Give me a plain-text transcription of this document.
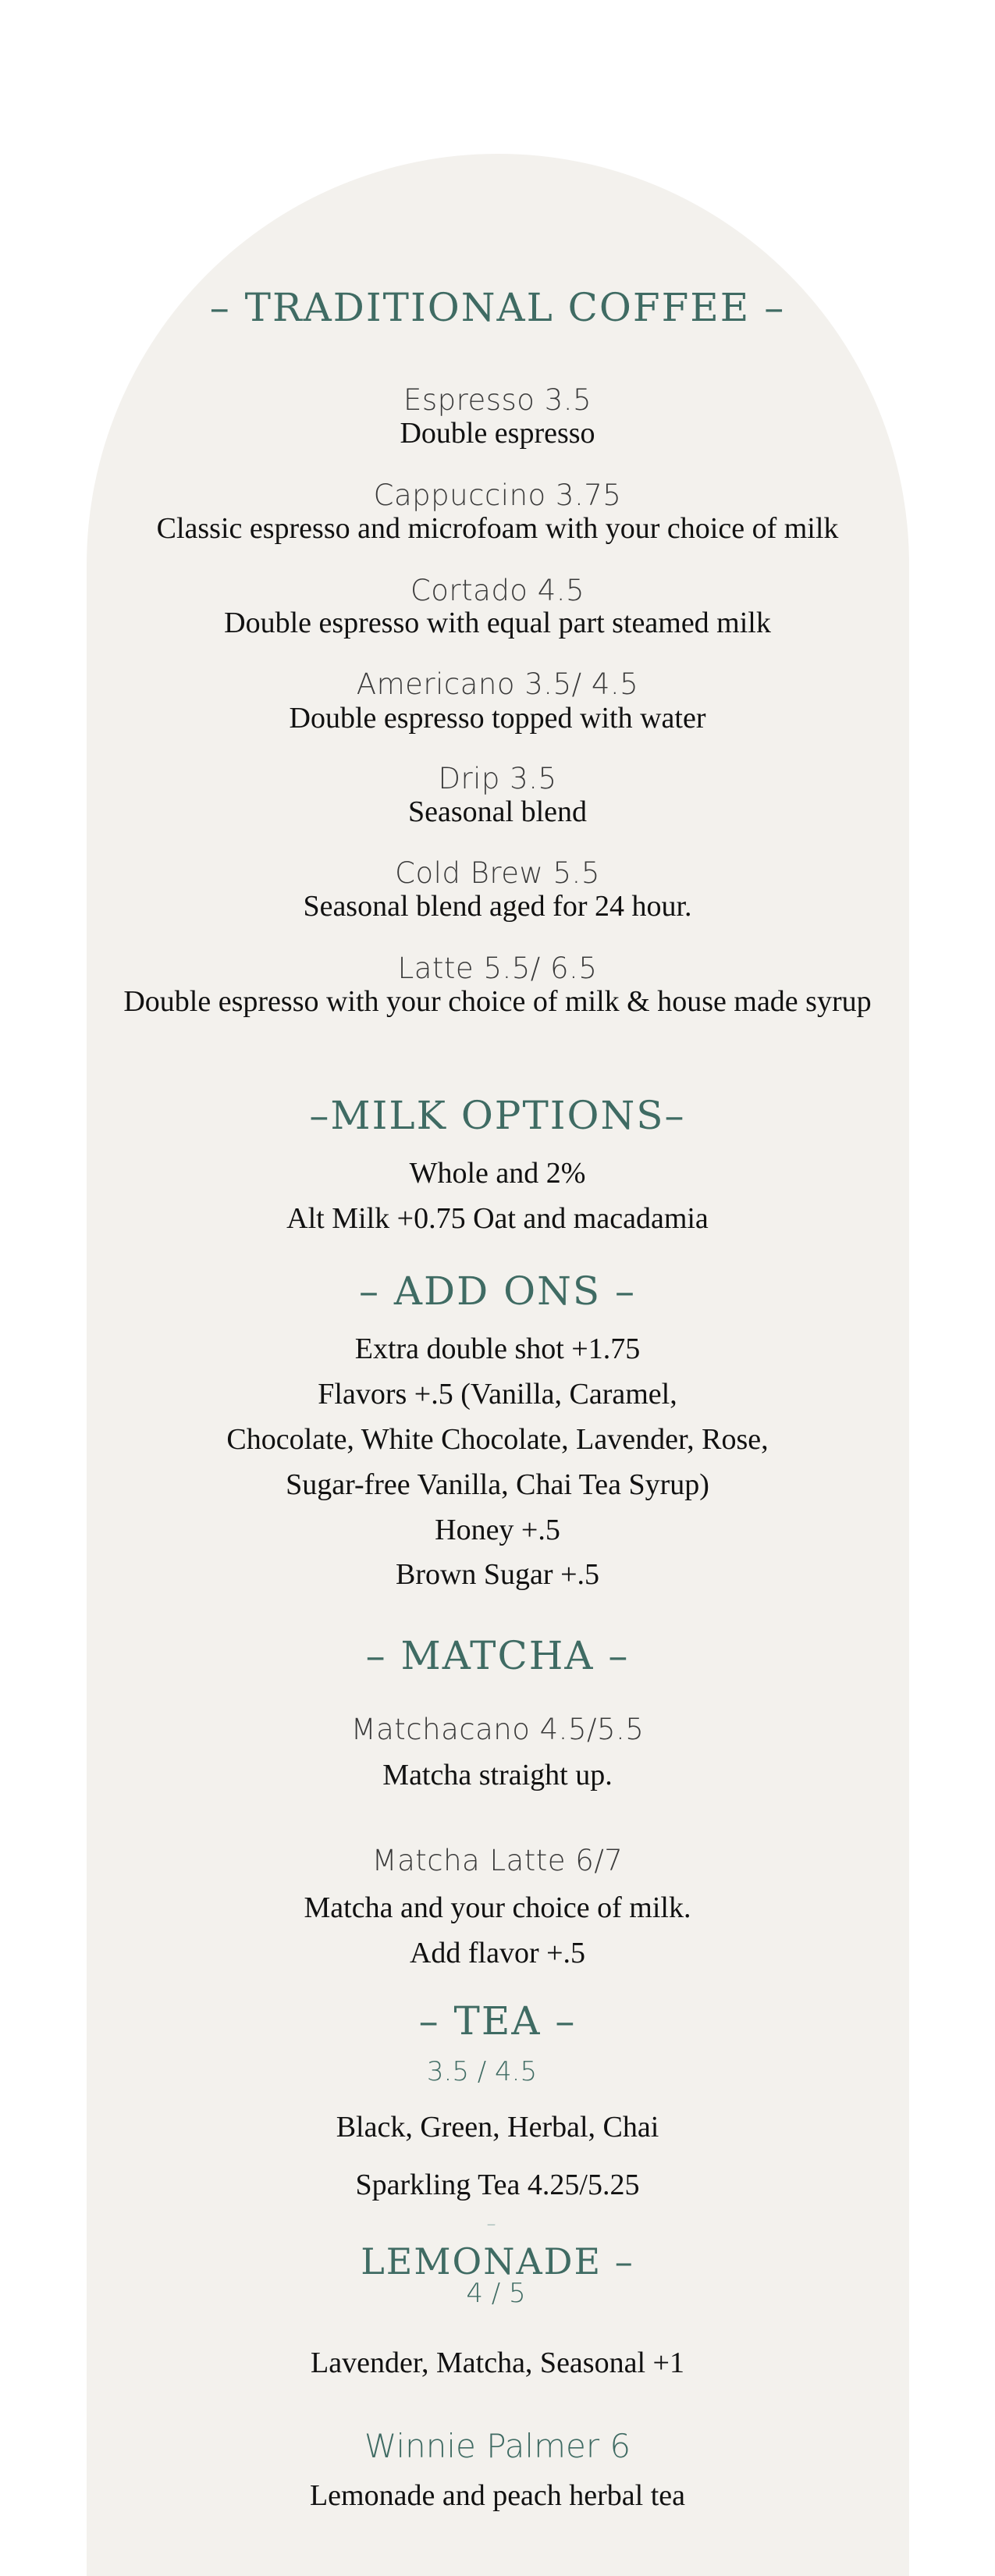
– TRADITIONAL COFFEE –
Espresso 3.5
Double espresso
Cappuccino 3.75
Classic espresso and microfoam with your choice of milk
Cortado 4.5
Double espresso with equal part steamed milk
Americano 3.5/ 4.5
Double espresso topped with water
Drip 3.5
Seasonal blend
Cold Brew 5.5
Seasonal blend aged for 24 hour.
Latte 5.5/ 6.5
Double espresso with your choice of milk & house made syrup
–MILK OPTIONS–
Whole and 2%
Alt Milk +0.75 Oat and macadamia
– ADD ONS –
Extra double shot +1.75
Flavors +.5 (Vanilla, Caramel,
Chocolate, White Chocolate, Lavender, Rose,
Sugar-free Vanilla, Chai Tea Syrup)
Honey +.5
Brown Sugar +.5
– MATCHA –
Matchacano 4.5/5.5
Matcha straight up.
Matcha Latte 6/7
Matcha and your choice of milk.
Add flavor +.5
– TEA –
3.5 / 4.5
Black, Green, Herbal, Chai
Sparkling Tea 4.25/5.25
–
LEMONADE –
4 / 5
Lavender, Matcha, Seasonal +1
Winnie Palmer 6
Lemonade and peach herbal tea
